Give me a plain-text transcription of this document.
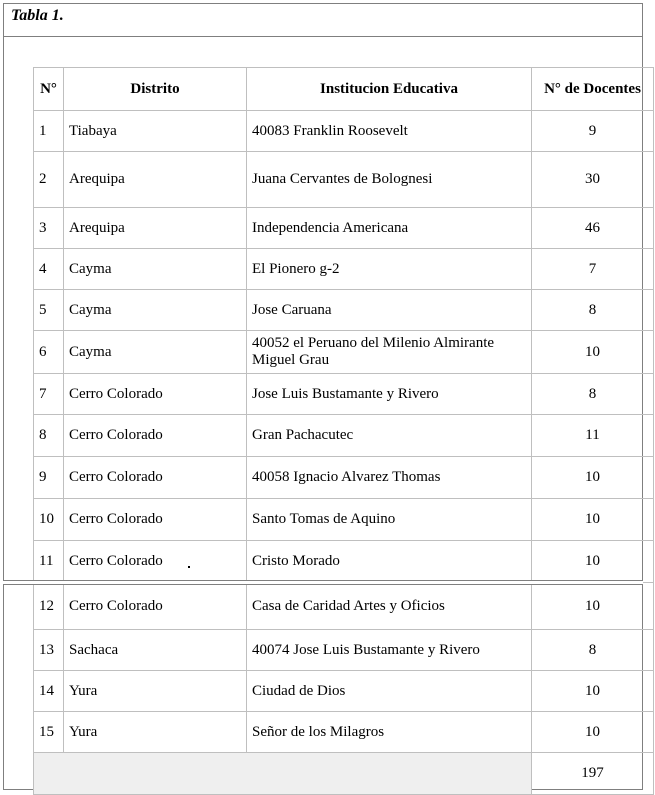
Tabla 1.
N°	Distrito	Institucion Educativa	N° de Docentes
1	Tiabaya	40083 Franklin Roosevelt	9
2	Arequipa	Juana Cervantes de Bolognesi	30
3	Arequipa	Independencia Americana	46
4	Cayma	El Pionero g-2	7
5	Cayma	Jose Caruana	8
6	Cayma	40052 el Peruano del Milenio Almirante Miguel Grau	10
7	Cerro Colorado	Jose Luis Bustamante y Rivero	8
8	Cerro Colorado	Gran Pachacutec	11
9	Cerro Colorado	40058 Ignacio Alvarez Thomas	10
10	Cerro Colorado	Santo Tomas de Aquino	10
11	Cerro Colorado	Cristo Morado	10
12	Cerro Colorado	Casa de Caridad Artes y Oficios	10
13	Sachaca	40074 Jose Luis Bustamante y Rivero	8
14	Yura	Ciudad de Dios	10
15	Yura	Señor de los Milagros	10
			197
